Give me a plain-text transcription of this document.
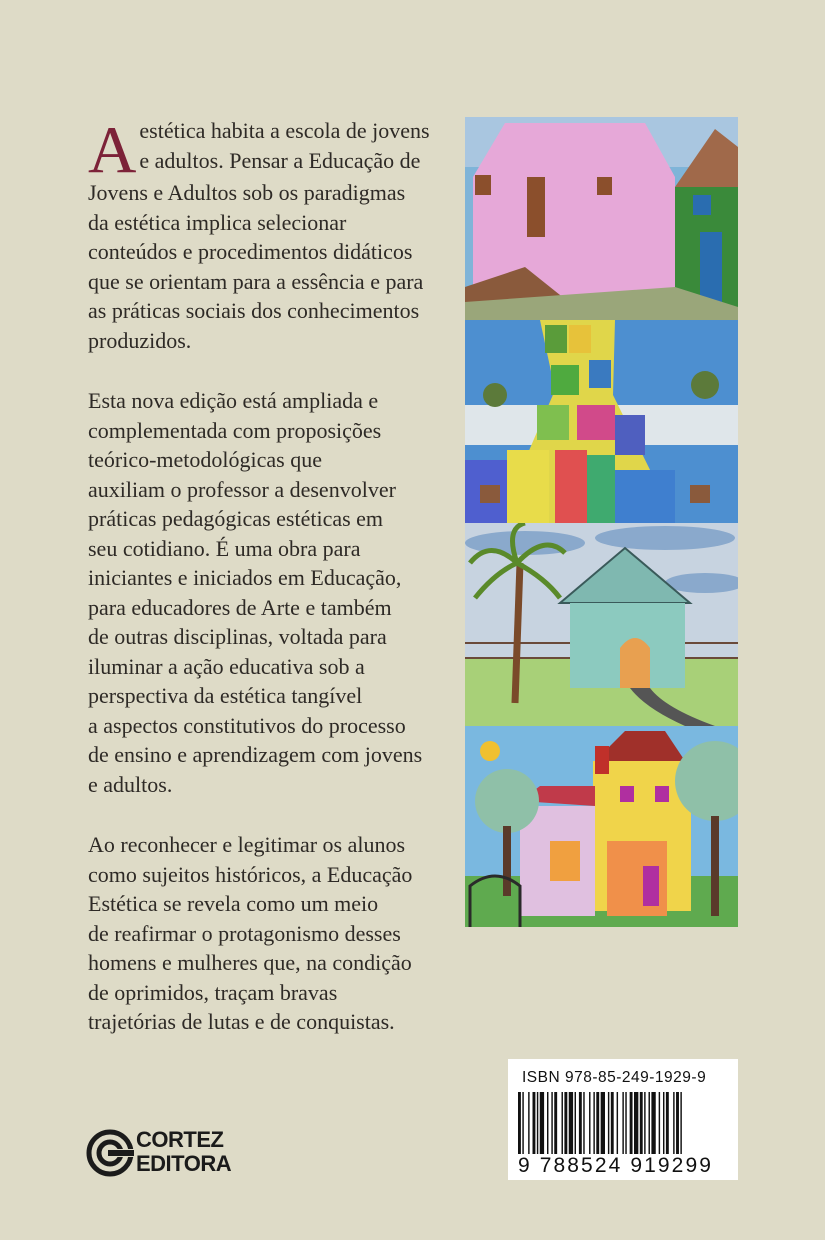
A estética habita a escola de jovens

e adultos. Pensar a Educação de

Jovens e Adultos sob os paradigmas

da estética implica selecionar

conteúdos e procedimentos didáticos

que se orientam para a essência e para

as práticas sociais dos conhecimentos

produzidos.

Esta nova edição está ampliada e

complementada com proposições

teórico-metodológicas que

auxiliam o professor a desenvolver

práticas pedagógicas estéticas em

seu cotidiano. É uma obra para

iniciantes e iniciados em Educação,

para educadores de Arte e também

de outras disciplinas, voltada para

iluminar a ação educativa sob a

perspectiva da estética tangível

a aspectos constitutivos do processo

de ensino e aprendizagem com jovens

e adultos.

Ao reconhecer e legitimar os alunos

como sujeitos históricos, a Educação

Estética se revela como um meio

de reafirmar o protagonismo desses

homens e mulheres que, na condição

de oprimidos, traçam bravas

trajetórias de lutas e de conquistas.

ISBN 978-85-249-1929-9
9 788524 919299
CORTEZ
EDITORA
